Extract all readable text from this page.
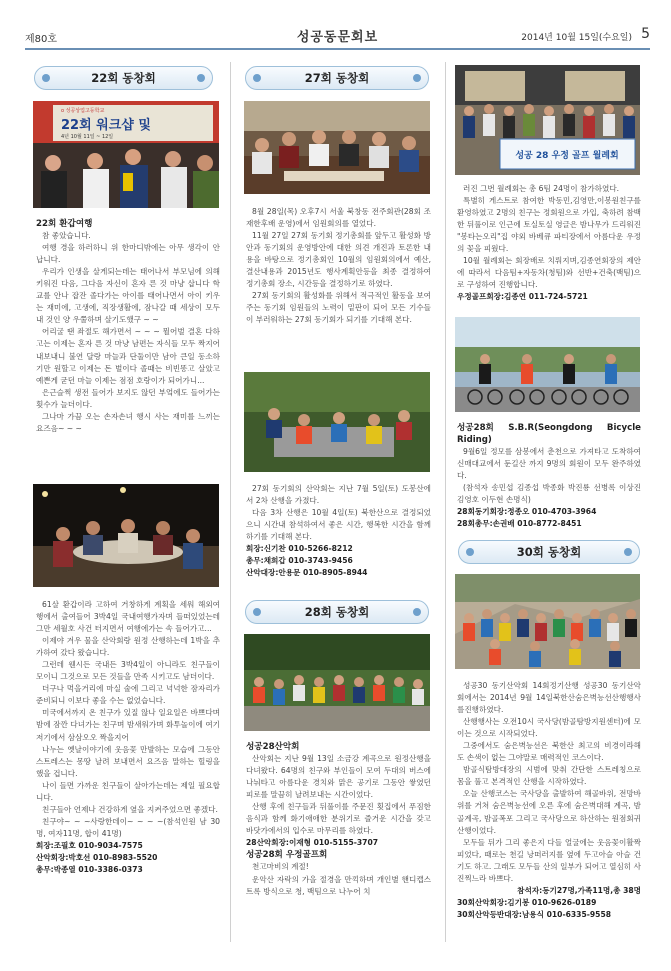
제80호	성공동문회보	2014년 10월 15일(수요일) 5
22회 동창회
o 성공상업고등학교
22회 워크샵 및
4년 10월 11일 ~ 12일

22회 환갑여행

참 좋았습니다.

여행 경을 하러하니 위 한마디밖에는 아무 생각이 안 납니다.

우리가 인생을 살게되는데는 태어나서 부모님에 의해 키워진 다음, 그다음 자신이 혼자 른 것 마냥 삽니다 학교를 안나 잡잔 졸다가는 아이를 태어나면서 아이 키우는 재미에, 고생에, 직장생활에, 잠나갈 때 세상이 모두 내 것인 양 우쭐하며 살기도했구 ~ ~

어리굴 땐 좌절도 해가면서 ~ ~ ~ 뭘어벌 결혼 다하고는 이제는 혼자 른 것 마냥 남편는 자식들 모두 짝지어 내보내니 불연 달랑 마늘과 단둘이만 남아 큰일 동소하기만 원할고 이제는 돈 벌이다 졸때는 비빈똥고 살았고 예쁜게 굳던 마늘 이제는 점점 호랑이가 되어가니...

은근슬쩍 생전 들어가 보지도 않던 부엌에도 들어가는 횟수가 늘더이다.

그나마 가끔 오는 손자손녀 행시 사는 재미를 느끼는 요즈음~ ~ ~

61살 환갑이라 고하여 거창하게 계획을 세워 해외여행에서 출여들어 3박4일 국내여행가자며 들떠있었는데 그만 세월호 사건 터지면서 여행에가는 속 들어가고...

이제야 겨우 물을 산악회랑 원정 산행하는데 1박을 추가하여 갔다 왔습니다.

그런데 웬시든 국내든 3박4일이 아니라도 친구들이 모이니 그것으로 모든 것들을 만족 시키고도 남더이다.

더구나 먹을거리에 마실 술에 그리고 넉넉한 잠자리가 준비되니 이보다 좋을 수는 없었습니다.

미국에서까지 온 친구가 있질 않나 일요일은 바쁘다며 밤에 잠깐 다녀가는 친구며 밤새워가며 화투놀이에 여기저기에서 삼삼오오 짝을지어

나누는 옛날이야기에 웃음꽃 만발하는 모습에 그동안 스트레스는 몽땅 날려 보내면서 요즈음 말하는 힐링을 했을 겁니다.

나이 들면 가까운 친구들이 살아가는데는 제일 필요합니다.

친구들아 언제나 건강하게 옆을 지켜주었으면 좋겠다.

친구야~ ~ ~사랑한데이~ ~ ~ ~(참석인원 남 30명, 여자11명, 합이 41명)

회장:조필호 010-9034-7575

산악회장:박호선 010-8983-5520

총무:박종열 010-3386-0373

27회 동창회

8월 28일(목) 오후7시 서울 북창동 전주회관(28회 조재한후배 운영)에서 임원회의를 열었다.

11월 27일 27회 동기회 정기총회를 앞두고 활성화 방안과 동기회의 운영방안에 대한 의견 개진과 토론한 내용을 바탕으로 정기총회인 10월의 임원회의에서 예산, 결산내용과 2015년도 행사계획안등을 최종 결정하여 정기총회 장소, 시간등을 결정하기로 하였다.

27회 동기회의 활성화를 위해서 적극적인 활동을 보여주는 동기회 임원들의 노력이 밑판이 되어 모든 기수들이 부러워하는 27회 동기회가 되기를 기대해 본다.

27회 동기회의 산악회는 지난 7월 5일(토) 도봉산에서 2차 산행을 가졌다.

다음 3차 산행은 10월 4일(토) 북한산으로 결정되었으니 시간내 참석하여서 좋은 시간, 행복한 시간을 함께하기를 기대해 본다.

회장:신기찬 010-5266-8212

총무:채희갑 010-3743-9456

산악대장:안용문 010-8905-8944

28회 동창회

성공28산악회

산악회는 지난 9월 13일 소금강 계곡으로 원정산행을 다녀왔다. 64명의 친구와 부인들이 모여 두대의 버스에 나눠타고 아름다운 경치와 맑은 공기로 그동안 쌓였던 피로를 말끔히 날려보내는 시간이었다.

산행 후에 친구들과 뒤풀이를 주문진 횟집에서 푸짐한 음식과 함께 화기애애한 분위기로 즐거운 시간을 갖고 바닷가에서의 입수로 마무리를 하였다.

28산악회장:이재형 010-5155-3707

성공28회 우정골프회

천고마비의 계절!

운악산 자락의 가을 절경을 만끽하며 개인별 핸디캡스트록 방식으로 청, 백팀으로 나누어 치

성공 28 우정 골프 월례회

러진 그번 월례회는 총 6팀 24명이 참가하였다.

특별히 게스트로 참여한 박동민,김영만,이봉원친구를 환영하였고 2명의 친구는 정회원으로 가입, 축하려 참백한 뒤풀이로 인근에 토실토실 영글은 밤나무가 드리워진 "봉타는오리"집 야외 바베큐 파티장에서 아름다운 우정의 꽃을 피웠다.

10월 월례회는 회장배로 치뤄지며,김종연회장의 제안에 따라서 다음팀+자동차(청팀)와 선반+건축(백팀)으로 구성하여 진행합니다.

우정골프회장:김종연 011-724-5721

성공28회 S.B.R(Seongdong Bicycle Riding)

9월6일 정모를 삼봉에서 춘천으로 가져타고 도착하여 신매대교에서 둔길산 까지 9명의 회원이 모두 완주하였다.

(참석자 송민섭 김종섭 박종화 박진룡 선병록 이상진 김영호 이두현 손명식)

28회동기회장:정종오 010-4703-3964

28회총무:손권배 010-8772-8451

30회 동창회

성공30 동기산악회 14회정기산행 성공30 동기산악회에서는 2014년 9월 14일북한산숨은벽능선산행행사를진행하였다.

산행행사는 오전10시 국사당(밤골탐방지원센터)에 모이는 것으로 시작되었다.

그중에서도 숨은벽능선은 북한산 최고의 비경이라해도 손색이 없는 그야말로 매력적인 코스이다.

밤골식탐방대장의 시범에 맞춰 간단한 스트레칭으로 몸을 풀고 본격적인 산행을 시작하였다.

오늘 산행코스는 국사당을 출발하여 해골바위, 전망바위를 거쳐 숨은벽능선에 오른 후에 숨은벽대해 계곡, 밤골계곡, 밤골폭포 그리고 국사당으로 하산하는 원점회귀 산행이었다.

모두들 뒤가 그리 좋은지 다들 얼굴에는 웃음꽃이활짝 피었다, 때로는 천길 낭떠러지를 옆에 두고아슬 아슬 건기도 하고. 그래도 모두들 산의 일부가 되어고 열심히 사진찍느라 바쁘다.

참석자:동기27명,가족11명,총 38명

30회산악회장:김기봉 010-9626-0189

30회산악등반대장:남용식 010-6335-9558
